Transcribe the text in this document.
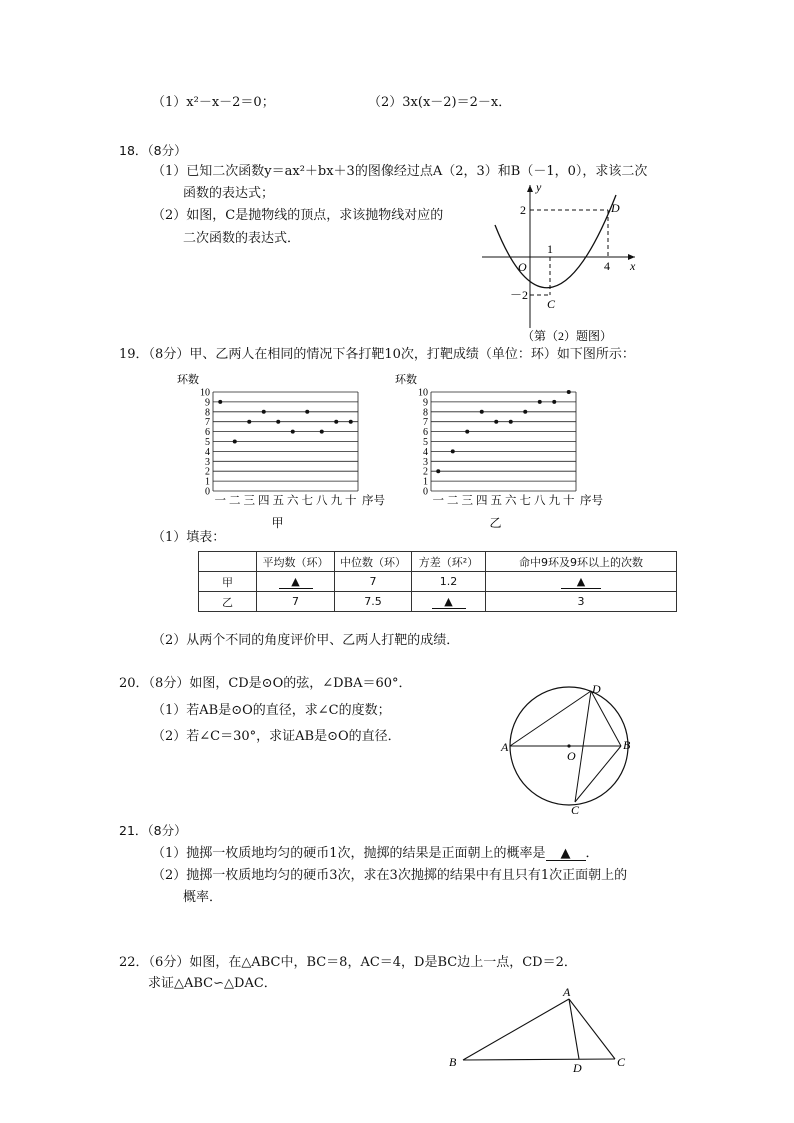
（1）x²－x－2＝0；	（2）3x(x－2)＝2－x．
18．（8分）
（1）已知二次函数y＝ax²＋bx＋3的图像经过点A（2，3）和B（－1，0），求该二次
函数的表达式；
（2）如图，C是抛物线的顶点，求该抛物线对应的
二次函数的表达式．
y
x
O
2
－2
1
4
D
C
（第（2）题图）
19．（8分）甲、乙两人在相同的情况下各打靶10次，打靶成绩（单位：环）如下图所示：
环数
0
1
2
3
4
5
6
7
8
9
10
一 二 三 四 五 六 七 八 九 十 序号
甲
环数
0
1
2
3
4
5
6
7
8
9
10
一 二 三 四 五 六 七 八 九 十 序号
乙
（1）填表：
	平均数（环）	中位数（环）	方差（环²）	命中9环及9环以上的次数
甲	▲	7	1.2	▲
乙	7	7.5	▲	3
（2）从两个不同的角度评价甲、乙两人打靶的成绩．
20．（8分）如图，CD是⊙O的弦，∠DBA＝60°．
（1）若AB是⊙O的直径，求∠C的度数；
（2）若∠C＝30°，求证AB是⊙O的直径．
A	B
C
D
O
21．（8分）
（1）抛掷一枚质地均匀的硬币1次，抛掷的结果是正面朝上的概率是 ▲ ．
（2）抛掷一枚质地均匀的硬币3次，求在3次抛掷的结果中有且只有1次正面朝上的
概率．
22．（6分）如图，在△ABC中，BC＝8，AC＝4，D是BC边上一点，CD＝2．
求证△ABC∽△DAC．
A
B	C
D
